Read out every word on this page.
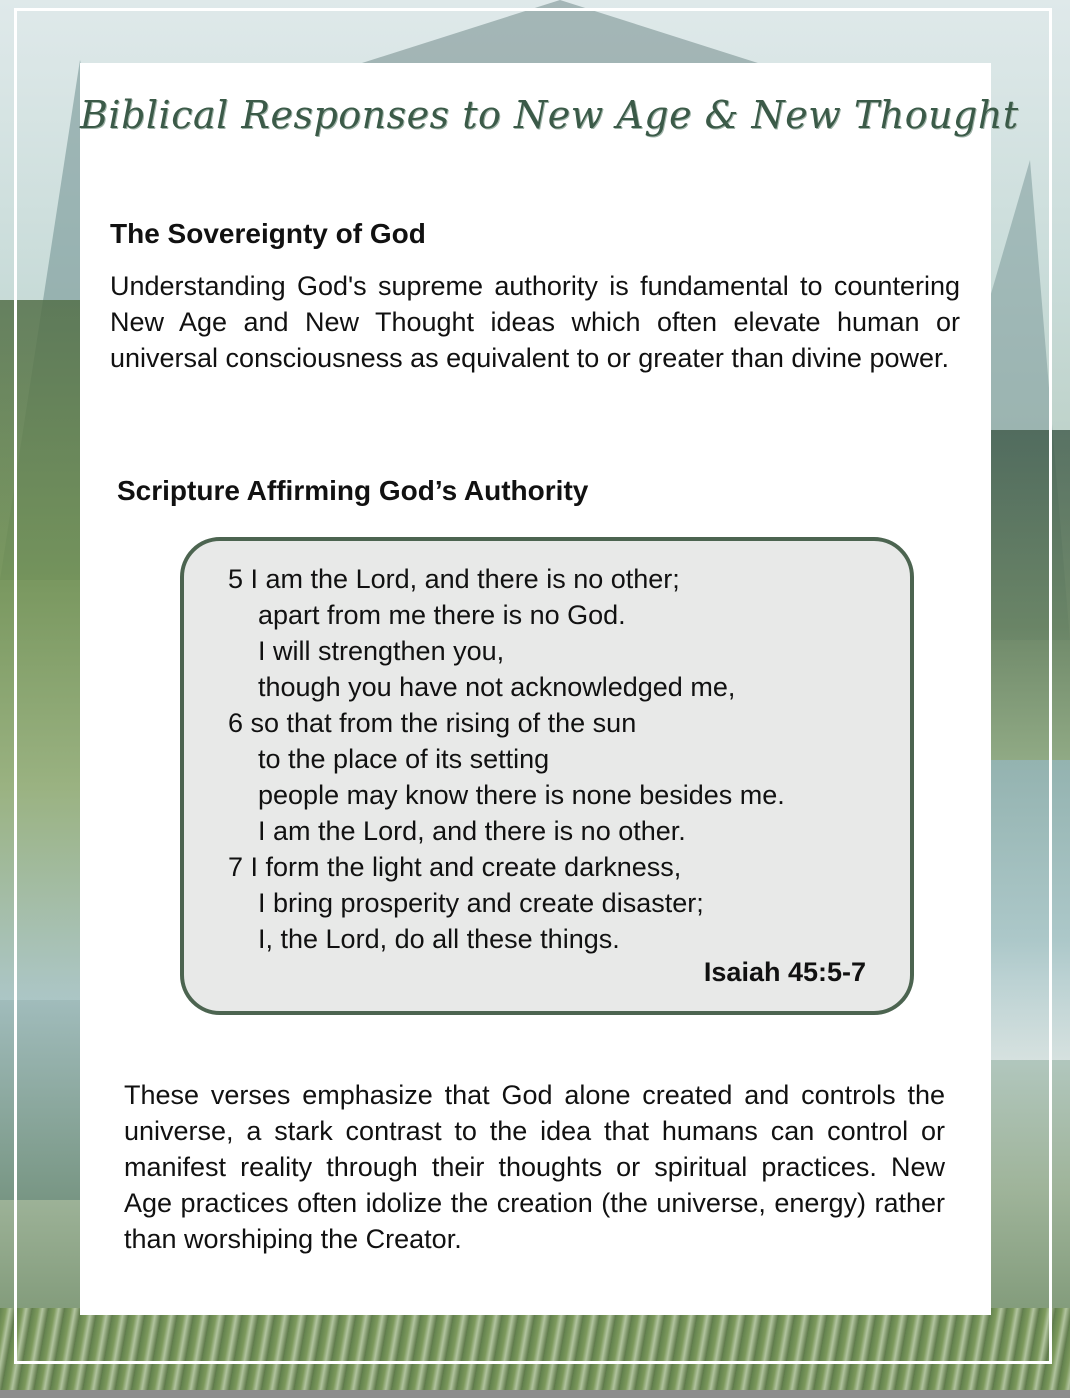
Biblical Responses to New Age & New Thought
The Sovereignty of God

Understanding God's supreme authority is fundamental to countering New Age and New Thought ideas which often elevate human or universal consciousness as equivalent to or greater than divine power.

Scripture Affirming God’s Authority
5 I am the Lord, and there is no other;
apart from me there is no God.
I will strengthen you,
though you have not acknowledged me,
6 so that from the rising of the sun
to the place of its setting
people may know there is none besides me.
I am the Lord, and there is no other.
7 I form the light and create darkness,
I bring prosperity and create disaster;
I, the Lord, do all these things.
Isaiah 45:5-7

These verses emphasize that God alone created and controls the universe, a stark contrast to the idea that humans can control or manifest reality through their thoughts or spiritual practices. New Age practices often idolize the creation (the universe, energy) rather than worshiping the Creator.
